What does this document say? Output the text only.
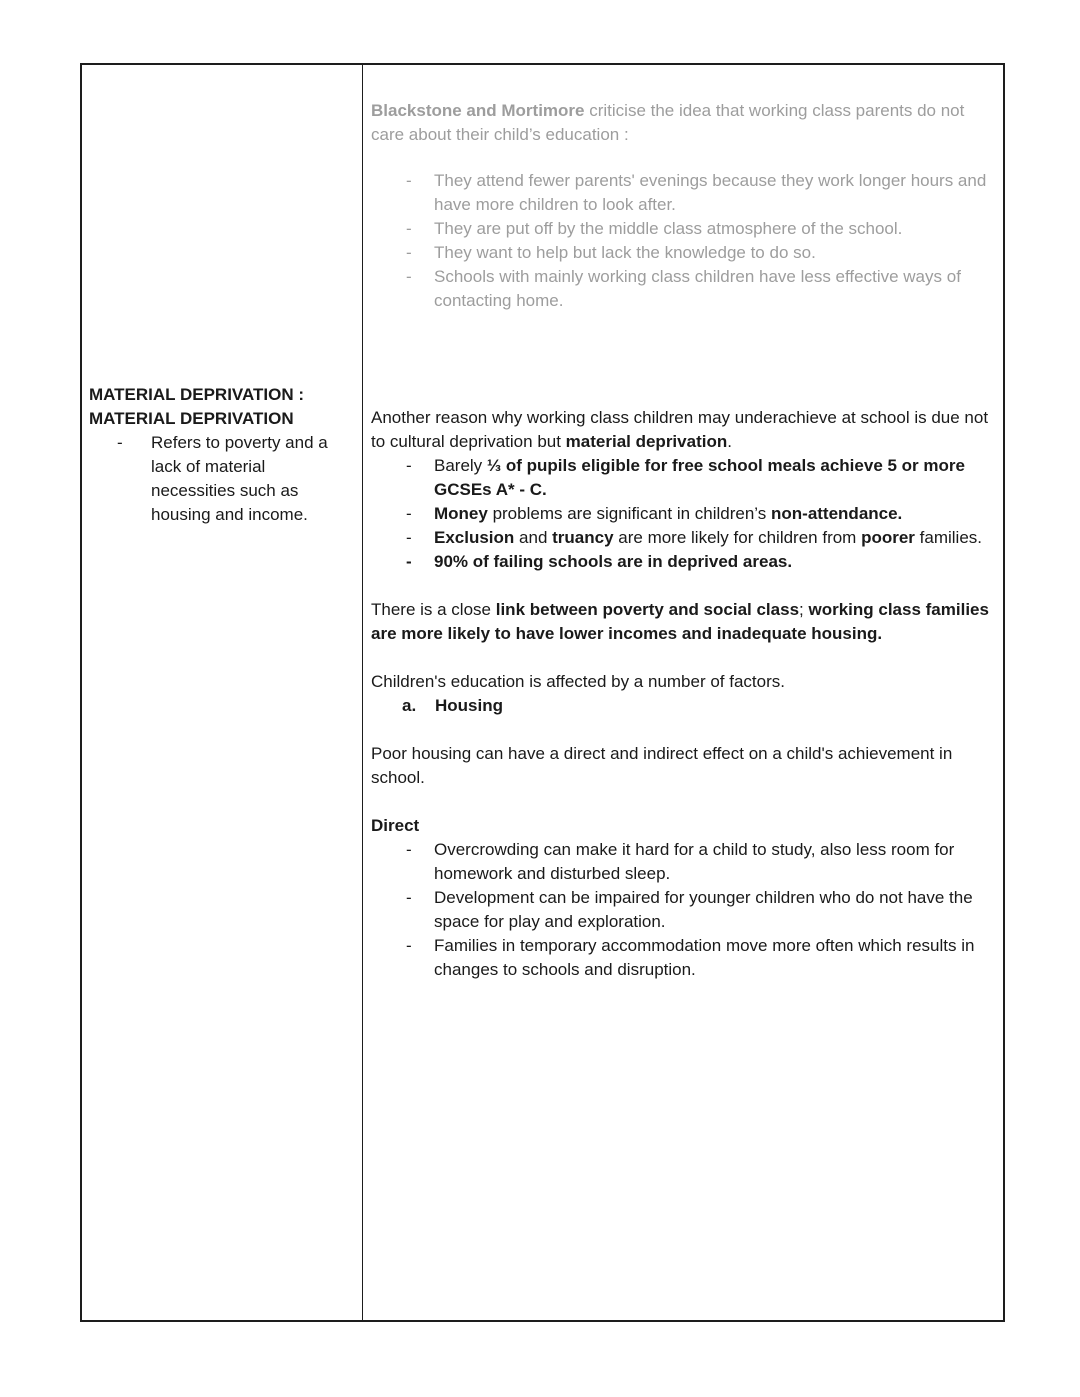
MATERIAL DEPRIVATION :
MATERIAL DEPRIVATION
- Refers to poverty and a lack of material necessities such as housing and income.

Blackstone and Mortimore criticise the idea that working class parents do not care about their child’s education :

- They attend fewer parents' evenings because they work longer hours and have more children to look after.
- They are put off by the middle class atmosphere of the school.
- They want to help but lack the knowledge to do so.
- Schools with mainly working class children have less effective ways of contacting home.

Another reason why working class children may underachieve at school is due not to cultural deprivation but material deprivation.

- Barely ⅓ of pupils eligible for free school meals achieve 5 or more GCSEs A* - C.
- Money problems are significant in children’s non-attendance.
- Exclusion and truancy are more likely for children from poorer families.
- 90% of failing schools are in deprived areas.

There is a close link between poverty and social class; working class families are more likely to have lower incomes and inadequate housing.

Children's education is affected by a number of factors.

a. Housing

Poor housing can have a direct and indirect effect on a child's achievement in school.

Direct

- Overcrowding can make it hard for a child to study, also less room for homework and disturbed sleep.
- Development can be impaired for younger children who do not have the space for play and exploration.
- Families in temporary accommodation move more often which results in changes to schools and disruption.
